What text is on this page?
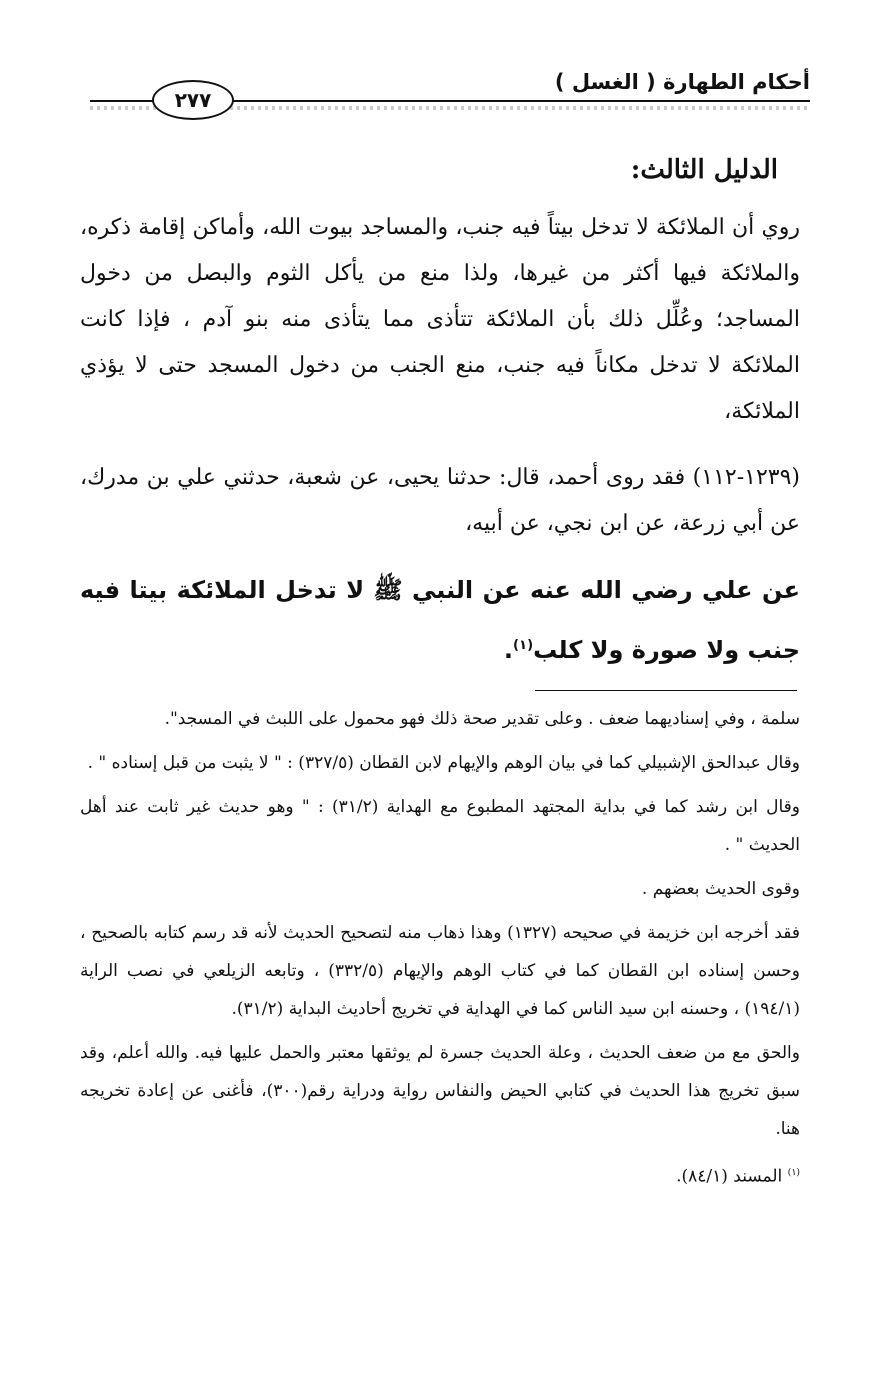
٢٧٧
أحكام الطهارة ( الغسل )
الدليل الثالث:

روي أن الملائكة لا تدخل بيتاً فيه جنب، والمساجد بيوت الله، وأماكن إقامة ذكره، والملائكة فيها أكثر من غيرها، ولذا منع من يأكل الثوم والبصل من دخول المساجد؛ وعُلِّل ذلك بأن الملائكة تتأذى مما يتأذى منه بنو آدم ، فإذا كانت الملائكة لا تدخل مكاناً فيه جنب، منع الجنب من دخول المسجد حتى لا يؤذي الملائكة،

(١٢٣٩-١١٢) فقد روى أحمد، قال: حدثنا يحيى، عن شعبة، حدثني علي بن مدرك، عن أبي زرعة، عن ابن نجي، عن أبيه،

عن علي رضي الله عنه عن النبي ﷺ لا تدخل الملائكة بيتا فيه جنب ولا صورة ولا كلب$^{(١)}$.

سلمة ، وفي إسناديهما ضعف . وعلى تقدير صحة ذلك فهو محمول على اللبث في المسجد".

وقال عبدالحق الإشبيلي كما في بيان الوهم والإيهام لابن القطان (٣٢٧/٥) : " لا يثبت من قبل إسناده " .

وقال ابن رشد كما في بداية المجتهد المطبوع مع الهداية (٣١/٢) : " وهو حديث غير ثابت عند أهل الحديث " .

وقوى الحديث بعضهم .

فقد أخرجه ابن خزيمة في صحيحه (١٣٢٧) وهذا ذهاب منه لتصحيح الحديث لأنه قد رسم كتابه بالصحيح ، وحسن إسناده ابن القطان كما في كتاب الوهم والإيهام (٣٣٢/٥) ، وتابعه الزيلعي في نصب الراية (١٩٤/١) ، وحسنه ابن سيد الناس كما في الهداية في تخريج أحاديث البداية (٣١/٢).

والحق مع من ضعف الحديث ، وعلة الحديث جسرة لم يوثقها معتبر والحمل عليها فيه. والله أعلم، وقد سبق تخريج هذا الحديث في كتابي الحيض والنفاس رواية ودراية رقم(٣٠٠)، فأغنى عن إعادة تخريجه هنا.

$^{(١)}$ المسند (٨٤/١).
